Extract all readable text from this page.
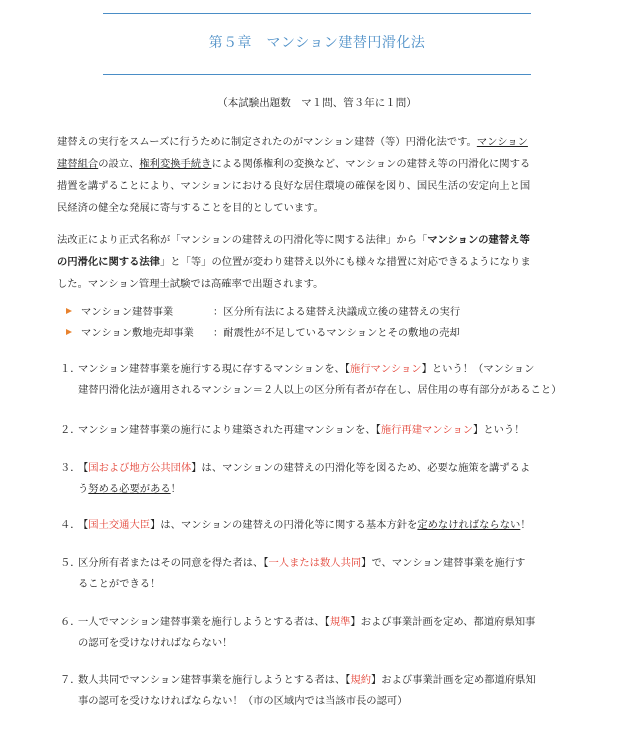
第５章　マンション建替円滑化法
（本試験出題数　マ１問、管３年に１問）
建替えの実行をスムーズに行うために制定されたのがマンション建替（等）円滑化法です。マンション
建替組合の設立、権利変換手続きによる関係権利の変換など、マンションの建替え等の円滑化に関する
措置を講ずることにより、マンションにおける良好な居住環境の確保を図り、国民生活の安定向上と国
民経済の健全な発展に寄与することを目的としています。
法改正により正式名称が「マンションの建替えの円滑化等に関する法律」から「マンションの建替え等
の円滑化に関する法律」と「等」の位置が変わり建替え以外にも様々な措置に対応できるようになりま
した。マンション管理士試験では高確率で出題されます。
マンション建替事業	：区分所有法による建替え決議成立後の建替えの実行
マンション敷地売却事業 ：耐震性が不足しているマンションとその敷地の売却
１．
マンション建替事業を施行する現に存するマンションを、【施行マンション】という！（マンション
建替円滑化法が適用されるマンション＝２人以上の区分所有者が存在し、居住用の専有部分があること）
２．
マンション建替事業の施行により建築された再建マンションを、【施行再建マンション】という！
３．
【国および地方公共団体】は、マンションの建替えの円滑化等を図るため、必要な施策を講ずるよ
う努める必要がある！
４．
【国土交通大臣】は、マンションの建替えの円滑化等に関する基本方針を定めなければならない！
５．
区分所有者またはその同意を得た者は、【一人または数人共同】で、マンション建替事業を施行す
ることができる！
６．
一人でマンション建替事業を施行しようとする者は、【規準】および事業計画を定め、都道府県知事
の認可を受けなければならない！
７．
数人共同でマンション建替事業を施行しようとする者は、【規約】および事業計画を定め都道府県知
事の認可を受けなければならない！（市の区域内では当該市長の認可）
